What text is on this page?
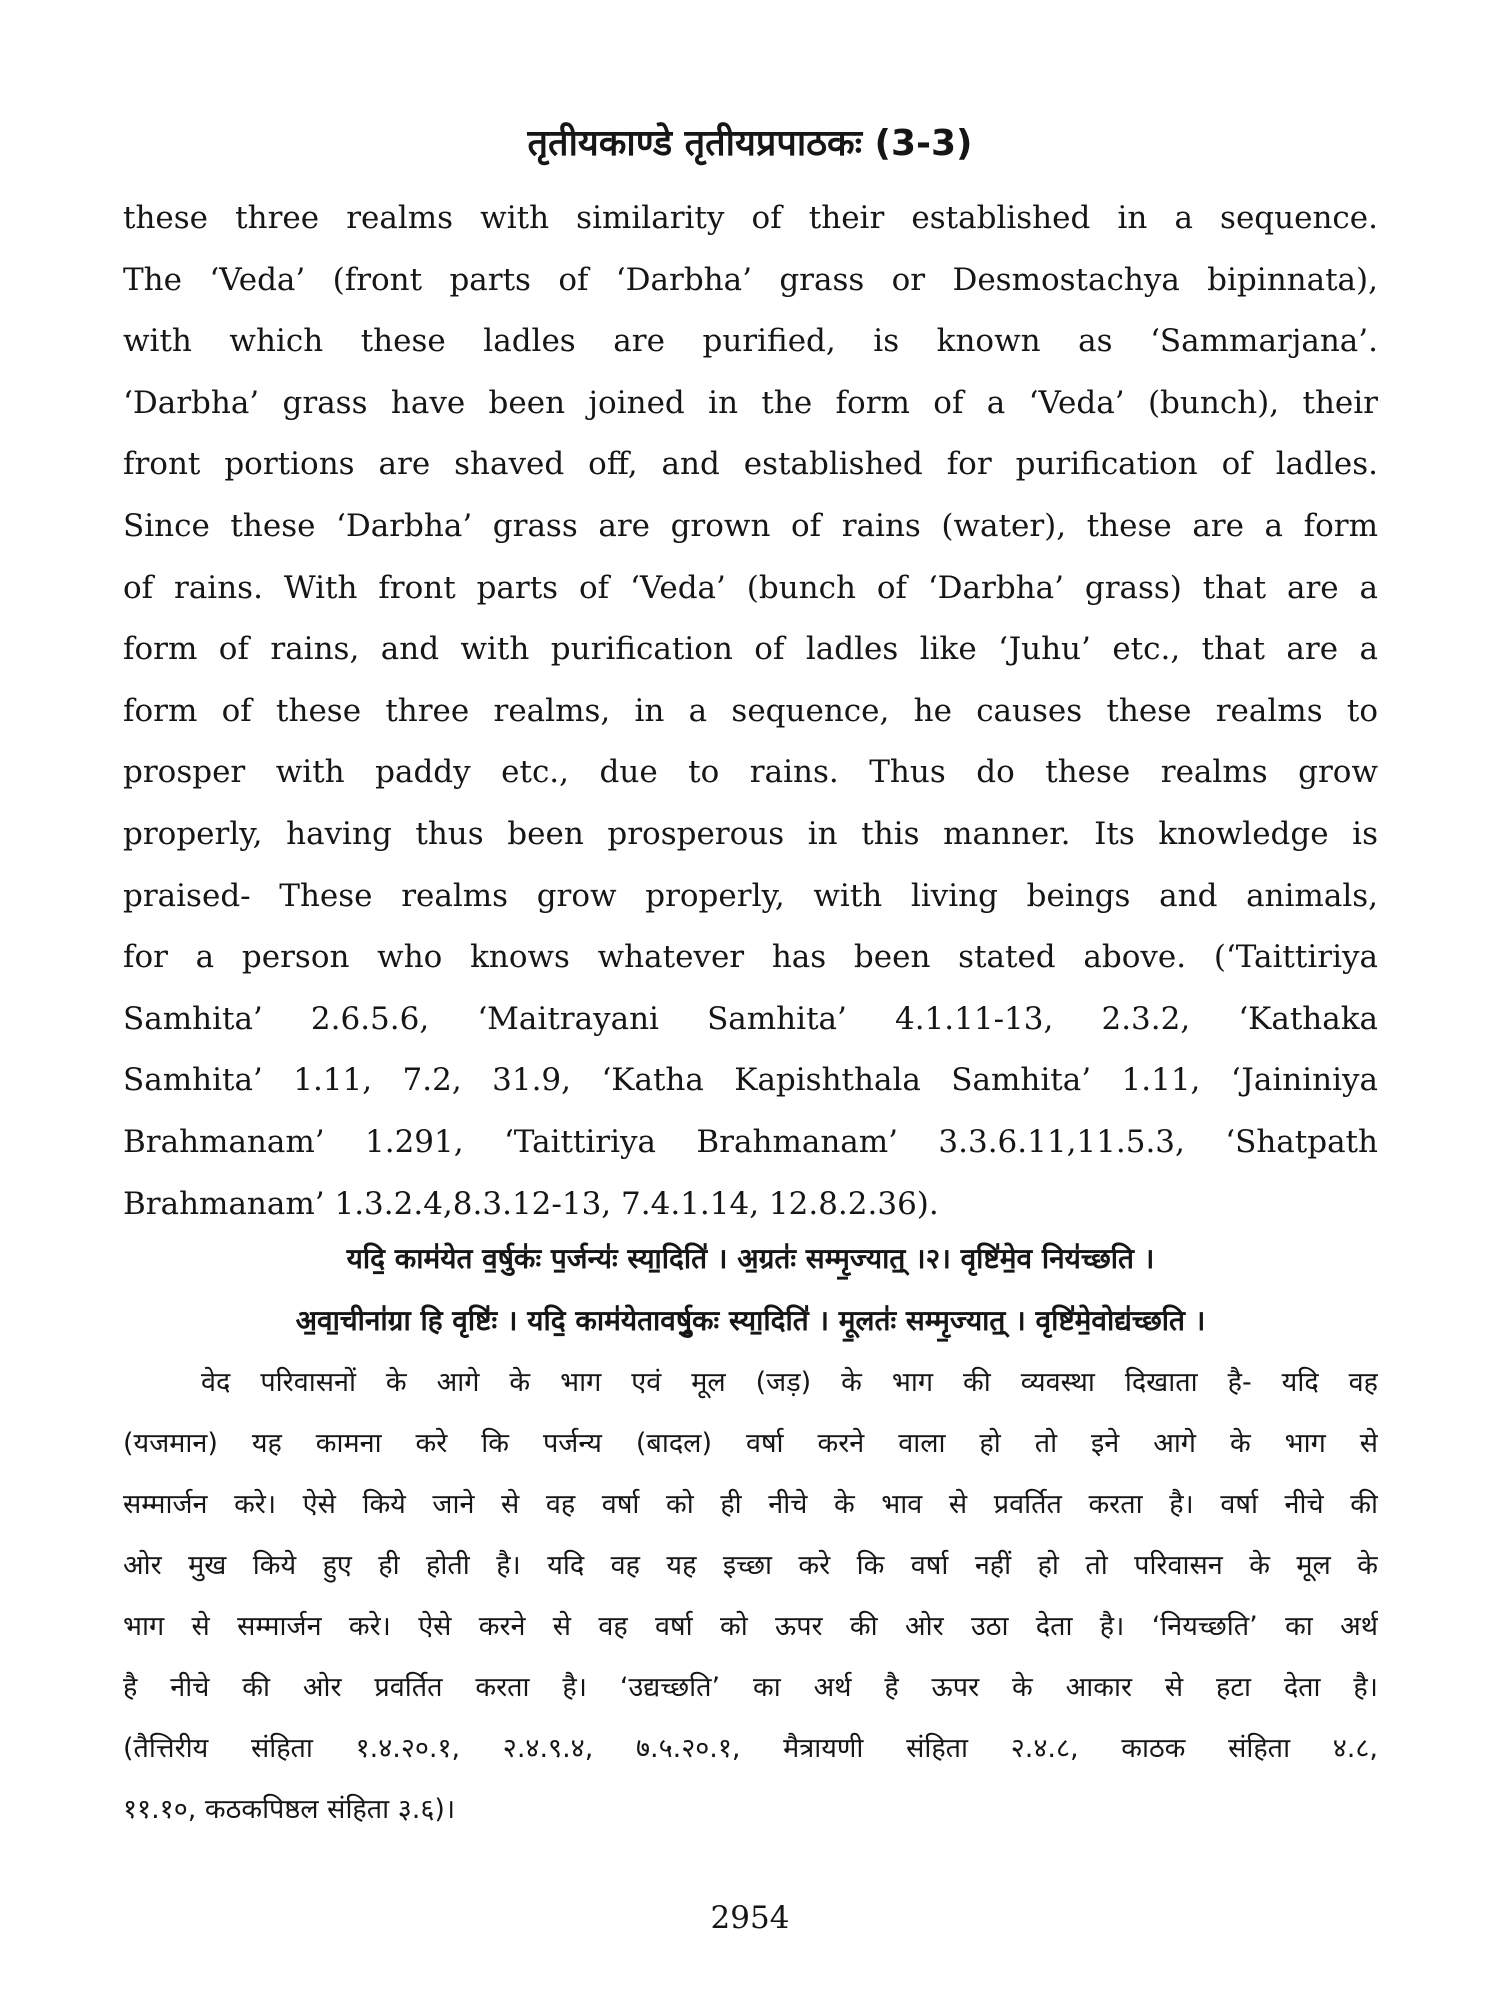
तृतीयकाण्डे तृतीयप्रपाठकः (3-3)
these three realms with similarity of their established in a sequence.
The ‘Veda’ (front parts of ‘Darbha’ grass or Desmostachya bipinnata),
with which these ladles are purified, is known as ‘Sammarjana’.
‘Darbha’ grass have been joined in the form of a ‘Veda’ (bunch), their
front portions are shaved off, and established for purification of ladles.
Since these ‘Darbha’ grass are grown of rains (water), these are a form
of rains. With front parts of ‘Veda’ (bunch of ‘Darbha’ grass) that are a
form of rains, and with purification of ladles like ‘Juhu’ etc., that are a
form of these three realms, in a sequence, he causes these realms to
prosper with paddy etc., due to rains. Thus do these realms grow
properly, having thus been prosperous in this manner. Its knowledge is
praised- These realms grow properly, with living beings and animals,
for a person who knows whatever has been stated above. (‘Taittiriya
Samhita’ 2.6.5.6, ‘Maitrayani Samhita’ 4.1.11-13, 2.3.2, ‘Kathaka
Samhita’ 1.11, 7.2, 31.9, ‘Katha Kapishthala Samhita’ 1.11, ‘Jaininiya
Brahmanam’ 1.291, ‘Taittiriya Brahmanam’ 3.3.6.11,11.5.3, ‘Shatpath
Brahmanam’ 1.3.2.4,8.3.12-13, 7.4.1.14, 12.8.2.36).
यदि॒ काम॑येत व॒र्षुकः॑ प॒र्जन्यः॑ स्या॒दिति॑ । अ॒ग्रतः॑ सम्मृ॒ज्यात्॒ ।२। वृष्टि॑मे॒व निय॑च्छति ।
अ॒वा॒चीना॑ग्रा हि वृष्टिः॑ । यदि॒ काम॑येतावर्षु॒कः स्या॒दिति॑ । मू॒लतः॑ सम्मृ॒ज्यात्॒ । वृष्टि॑मे॒वोद्य॑च्छति ।
वेद परिवासनों के आगे के भाग एवं मूल (जड़) के भाग की व्यवस्था दिखाता है- यदि वह
(यजमान) यह कामना करे कि पर्जन्य (बादल) वर्षा करने वाला हो तो इने आगे के भाग से
सम्मार्जन करे। ऐसे किये जाने से वह वर्षा को ही नीचे के भाव से प्रवर्तित करता है। वर्षा नीचे की
ओर मुख किये हुए ही होती है। यदि वह यह इच्छा करे कि वर्षा नहीं हो तो परिवासन के मूल के
भाग से सम्मार्जन करे। ऐसे करने से वह वर्षा को ऊपर की ओर उठा देता है। ‘नियच्छति’ का अर्थ
है नीचे की ओर प्रवर्तित करता है। ‘उद्यच्छति’ का अर्थ है ऊपर के आकार से हटा देता है।
(तैत्तिरीय संहिता १.४.२०.१, २.४.९.४, ७.५.२०.१, मैत्रायणी संहिता २.४.८, काठक संहिता ४.८,
११.१०, कठकपिष्ठल संहिता ३.६)।
2954
